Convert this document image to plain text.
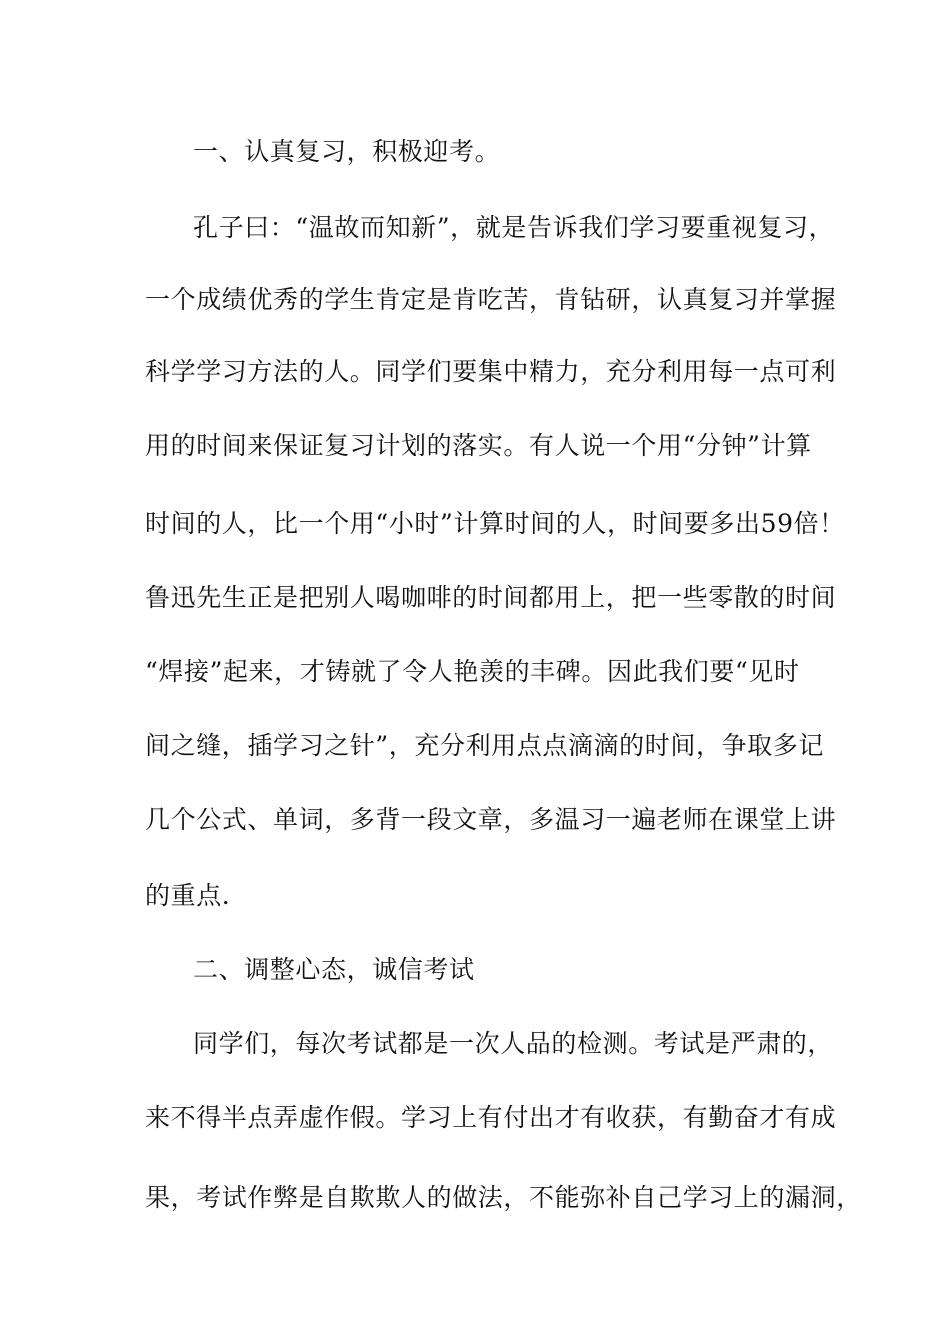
一、认真复习，积极迎考。
孔子曰：“温故而知新”，就是告诉我们学习要重视复习，
一个成绩优秀的学生肯定是肯吃苦，肯钻研，认真复习并掌握
科学学习方法的人。同学们要集中精力，充分利用每一点可利
用的时间来保证复习计划的落实。有人说一个用“分钟”计算
时间的人，比一个用“小时”计算时间的人，时间要多出59倍！
鲁迅先生正是把别人喝咖啡的时间都用上，把一些零散的时间
“焊接”起来，才铸就了令人艳羡的丰碑。因此我们要“见时
间之缝，插学习之针”，充分利用点点滴滴的时间，争取多记
几个公式、单词，多背一段文章，多温习一遍老师在课堂上讲
的重点.
二、调整心态，诚信考试
同学们，每次考试都是一次人品的检测。考试是严肃的，
来不得半点弄虚作假。学习上有付出才有收获，有勤奋才有成
果，考试作弊是自欺欺人的做法，不能弥补自己学习上的漏洞，
